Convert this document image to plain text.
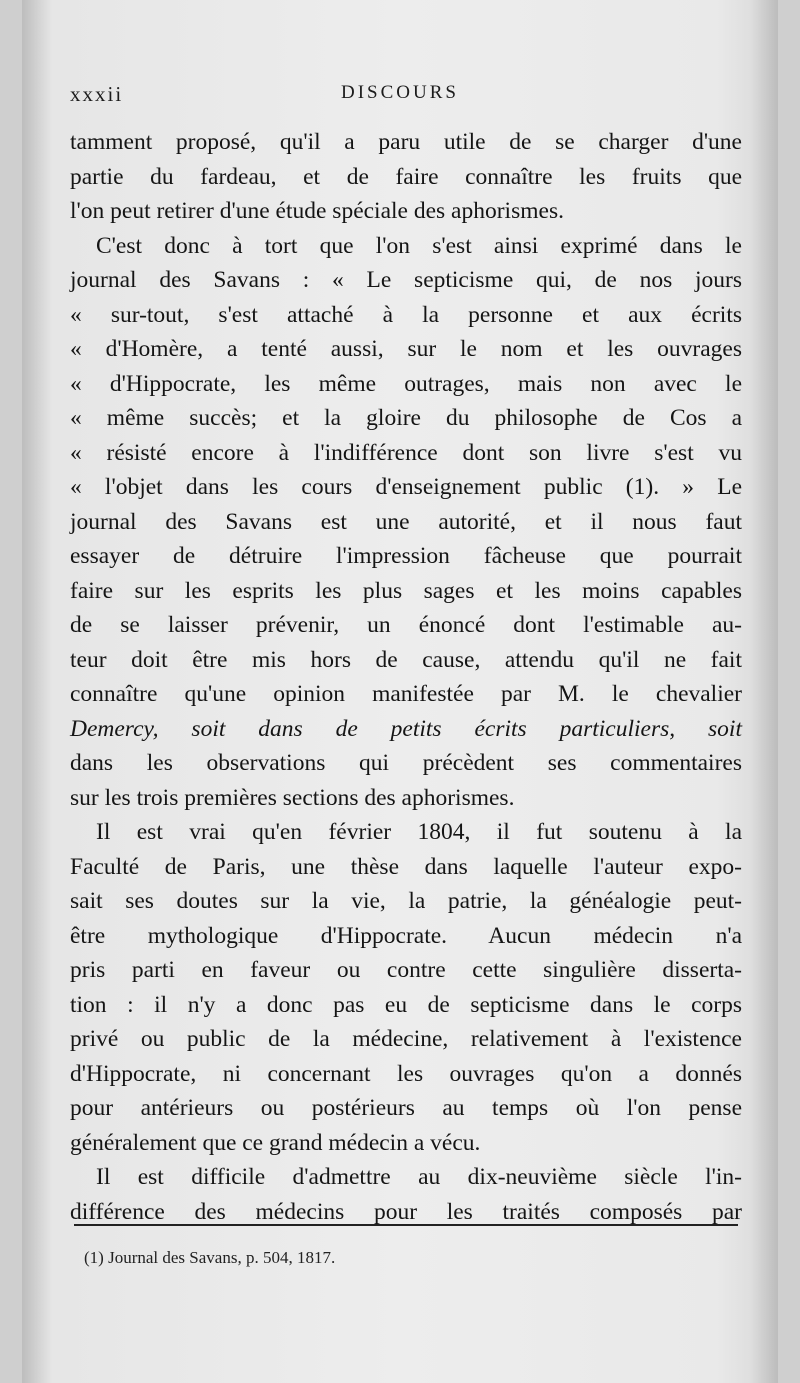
xxxii	DISCOURS
tamment proposé, qu'il a paru utile de se charger d'une
partie du fardeau, et de faire connaître les fruits que
l'on peut retirer d'une étude spéciale des aphorismes.
C'est donc à tort que l'on s'est ainsi exprimé dans le
journal des Savans : « Le septicisme qui, de nos jours
« sur-tout, s'est attaché à la personne et aux écrits
« d'Homère, a tenté aussi, sur le nom et les ouvrages
« d'Hippocrate, les même outrages, mais non avec le
« même succès; et la gloire du philosophe de Cos a
« résisté encore à l'indifférence dont son livre s'est vu
« l'objet dans les cours d'enseignement public (1). » Le
journal des Savans est une autorité, et il nous faut
essayer de détruire l'impression fâcheuse que pourrait
faire sur les esprits les plus sages et les moins capables
de se laisser prévenir, un énoncé dont l'estimable au-
teur doit être mis hors de cause, attendu qu'il ne fait
connaître qu'une opinion manifestée par M. le chevalier
Demercy, soit dans de petits écrits particuliers, soit
dans les observations qui précèdent ses commentaires
sur les trois premières sections des aphorismes.
Il est vrai qu'en février 1804, il fut soutenu à la
Faculté de Paris, une thèse dans laquelle l'auteur expo-
sait ses doutes sur la vie, la patrie, la généalogie peut-
être mythologique d'Hippocrate. Aucun médecin n'a
pris parti en faveur ou contre cette singulière disserta-
tion : il n'y a donc pas eu de septicisme dans le corps
privé ou public de la médecine, relativement à l'existence
d'Hippocrate, ni concernant les ouvrages qu'on a donnés
pour antérieurs ou postérieurs au temps où l'on pense
généralement que ce grand médecin a vécu.
Il est difficile d'admettre au dix-neuvième siècle l'in-
différence des médecins pour les traités composés par
(1) Journal des Savans, p. 504, 1817.
